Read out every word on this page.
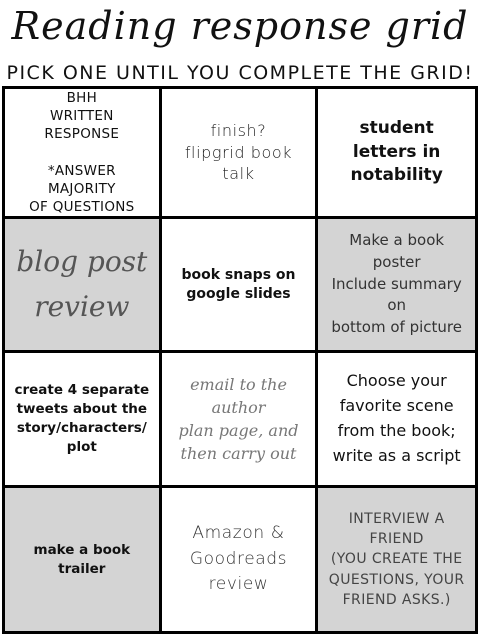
Reading response grid
PICK ONE UNTIL YOU COMPLETE THE GRID!
BHH
WRITTEN RESPONSE

*ANSWER MAJORITY
OF QUESTIONS
finish?
flipgrid book
talk
student
letters in
notability
blog post
review
book snaps on
google slides
Make a book poster
Include summary on
bottom of picture
create 4 separate
tweets about the
story/characters/
plot
email to the
author
plan page, and
then carry out
Choose your
favorite scene
from the book;
write as a script
make a book trailer
Amazon &
Goodreads
review
INTERVIEW A FRIEND
(YOU CREATE THE
QUESTIONS, YOUR
FRIEND ASKS.)
